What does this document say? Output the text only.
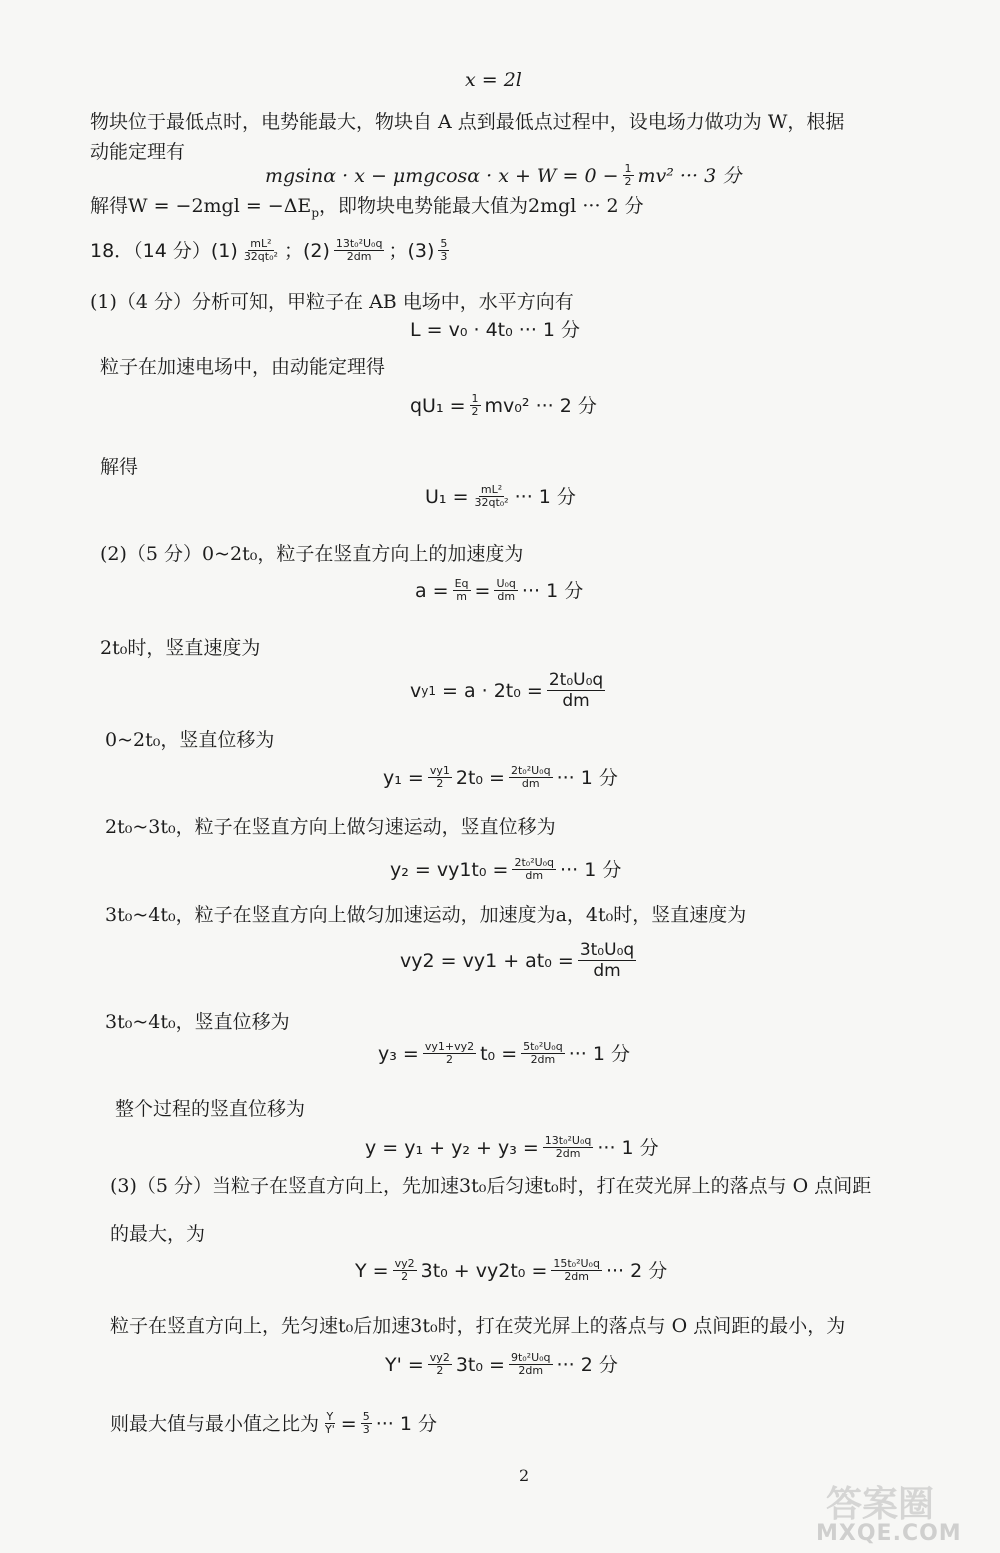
x = 2l
物块位于最低点时，电势能最大，物块自 A 点到最低点过程中，设电场力做功为 W，根据
动能定理有
$mgsin\alpha \cdot x - \mu mgcos\alpha \cdot x + W = 0 - \frac{1}{2} mv^2$ ··· 3 分
解得$W = -2mgl = -\Delta E_p$，即物块电势能最大值为2mgl ··· 2 分
18．（14 分）$(1) \frac{\text{mL²}}{\text{32qt₀²}}$ ；$(2) \frac{\text{13t₀²U₀q}}{2dm}$ ；$(3) \frac{5}{3}$
(1)（4 分）分析可知，甲粒子在 AB 电场中，水平方向有
L = v₀ · 4t₀ ··· 1 分
粒子在加速电场中，由动能定理得
$qU_1 = \frac{1}{2} mv_0^2$ ··· 2 分
解得
$U_1 = \frac{\text{mL²}}{\text{32qt₀²}}$ ··· 1 分
(2)（5 分）0~2t₀，粒子在竖直方向上的加速度为
$a = \frac{Eq}{m} = \frac{\text{U₀q}}{dm}$ ··· 1 分
2t₀时，竖直速度为
v $y1 = a \cdot 2t_0 = \frac{\text{2t₀U₀q}}{dm}$
0~2t₀，竖直位移为
$y_1 = \frac{vy1}{2} 2t_0 = \frac{\text{2t₀²U₀q}}{dm}$ ··· 1 分
2t₀~3t₀，粒子在竖直方向上做匀速运动，竖直位移为
$y_2 = vy1t_0 = \frac{\text{2t₀²U₀q}}{dm}$ ··· 1 分
3t₀~4t₀，粒子在竖直方向上做匀加速运动，加速度为a，4t₀时，竖直速度为
$vy2 = vy1 + at_0 = \frac{\text{3t₀U₀q}}{dm}$
3t₀~4t₀，竖直位移为
$y_3 = \frac{vy1+vy2}{2} t_0 = \frac{\text{5t₀²U₀q}}{2dm}$ ··· 1 分
整个过程的竖直位移为
$y = y_1 + y_2 + y_3 = \frac{\text{13t₀²U₀q}}{2dm}$ ··· 1 分
(3)（5 分）当粒子在竖直方向上，先加速3t₀后匀速t₀时，打在荧光屏上的落点与 O 点间距
的最大，为
$Y = \frac{vy2}{2} 3t_0 + vy2t_0 = \frac{\text{15t₀²U₀q}}{2dm}$ ··· 2 分
粒子在竖直方向上，先匀速t₀后加速3t₀时，打在荧光屏上的落点与 O 点间距的最小，为
$Y' = \frac{vy2}{2} 3t_0 = \frac{\text{9t₀²U₀q}}{2dm}$ ··· 2 分
则最大值与最小值之比为 $\frac{Y}{Y'} = \frac{5}{3}$ ··· 1 分
2
答案圈
MXQE.COM
